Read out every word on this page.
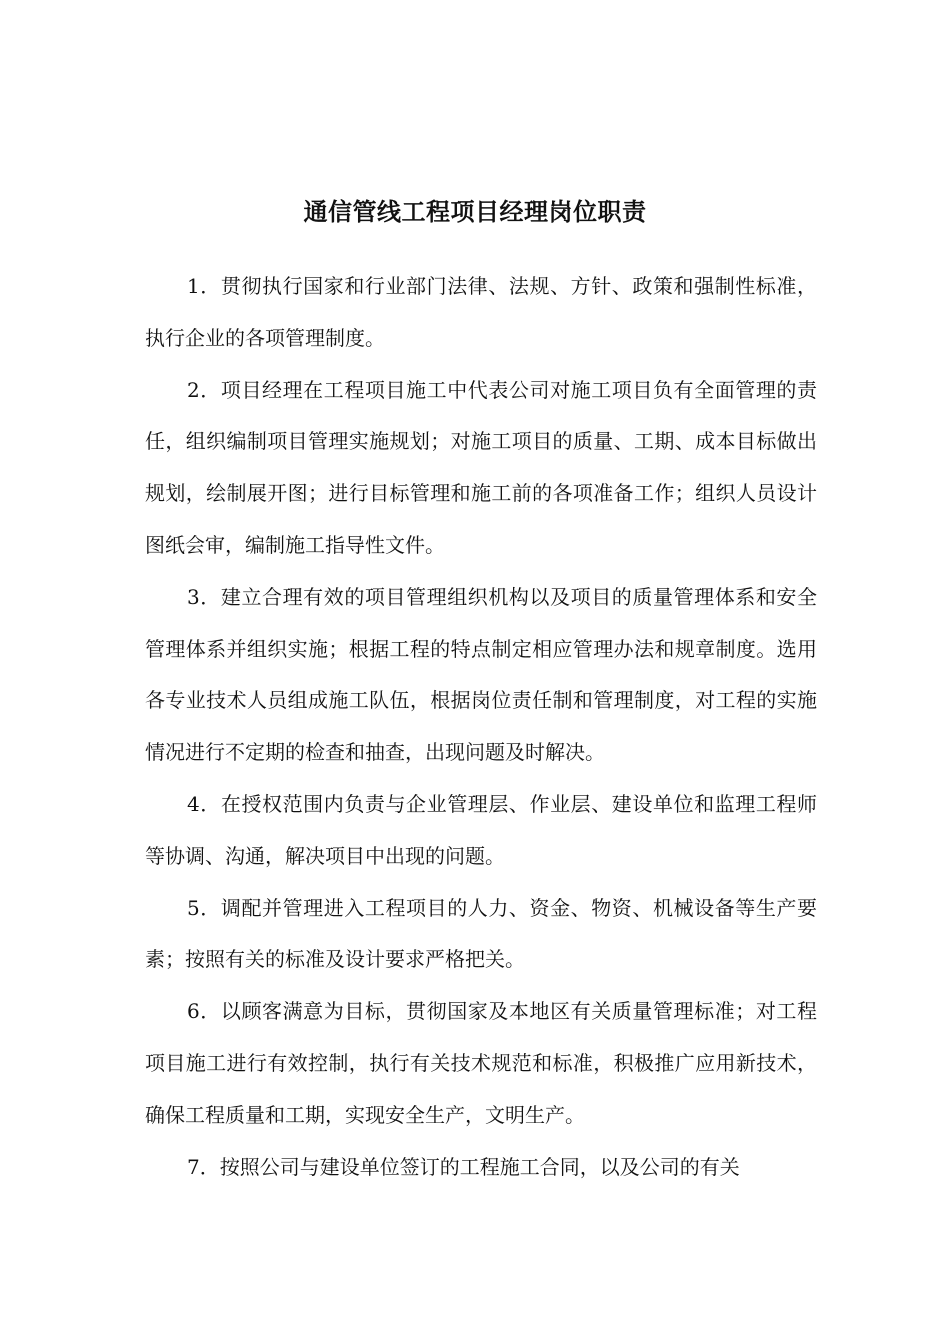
通信管线工程项目经理岗位职责

1．贯彻执行国家和行业部门法律、法规、方针、政策和强制性标准，执行企业的各项管理制度。

2．项目经理在工程项目施工中代表公司对施工项目负有全面管理的责任，组织编制项目管理实施规划；对施工项目的质量、工期、成本目标做出规划，绘制展开图；进行目标管理和施工前的各项准备工作；组织人员设计图纸会审，编制施工指导性文件。

3．建立合理有效的项目管理组织机构以及项目的质量管理体系和安全管理体系并组织实施；根据工程的特点制定相应管理办法和规章制度。选用各专业技术人员组成施工队伍，根据岗位责任制和管理制度，对工程的实施情况进行不定期的检查和抽查，出现问题及时解决。

4．在授权范围内负责与企业管理层、作业层、建设单位和监理工程师等协调、沟通，解决项目中出现的问题。

5．调配并管理进入工程项目的人力、资金、物资、机械设备等生产要素；按照有关的标准及设计要求严格把关。

6．以顾客满意为目标，贯彻国家及本地区有关质量管理标准；对工程项目施工进行有效控制，执行有关技术规范和标准，积极推广应用新技术，确保工程质量和工期，实现安全生产，文明生产。

7．按照公司与建设单位签订的工程施工合同，以及公司的有关
